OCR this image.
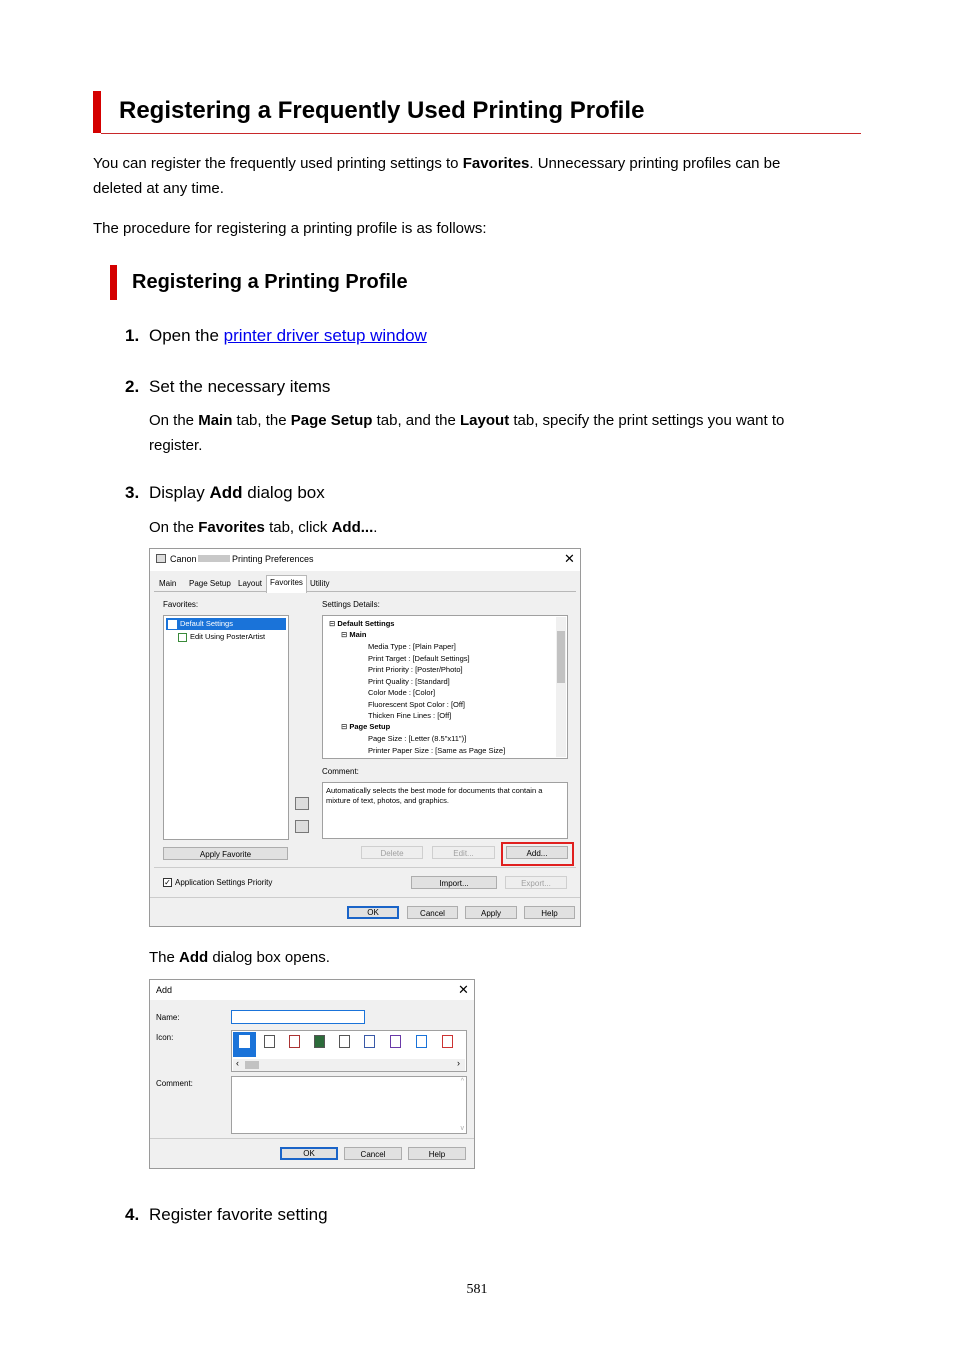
Registering a Frequently Used Printing Profile
You can register the frequently used printing settings to Favorites. Unnecessary printing profiles can be
deleted at any time.
The procedure for registering a printing profile is as follows:
Registering a Printing Profile
1. Open the printer driver setup window
2. Set the necessary items
On the Main tab, the Page Setup tab, and the Layout tab, specify the print settings you want to
register.
3. Display Add dialog box
On the Favorites tab, click Add....
Canon	Printing Preferences	✕
Main	Page Setup Layout Favorites Utility
Favorites:
Default Settings
Edit Using PosterArtist
Settings Details:
⊟ Default Settings
⊟ Main
Media Type : [Plain Paper]
Print Target : [Default Settings]
Print Priority : [Poster/Photo]
Print Quality : [Standard]
Color Mode : [Color]
Fluorescent Spot Color : [Off]
Thicken Fine Lines : [Off]
⊟ Page Setup
Page Size : [Letter (8.5"x11")]
Printer Paper Size : [Same as Page Size]
Comment:
Automatically selects the best mode for documents that contain a mixture of text, photos, and graphics.
Apply Favorite	Delete	Edit...	Add...
✓ Application Settings Priority	Import...	Export...
OK	Cancel	Apply	Help
The Add dialog box opens.
Add	✕
Name:
Icon:
‹	›
Comment:	^
v
OK	Cancel	Help
4. Register favorite setting
581
